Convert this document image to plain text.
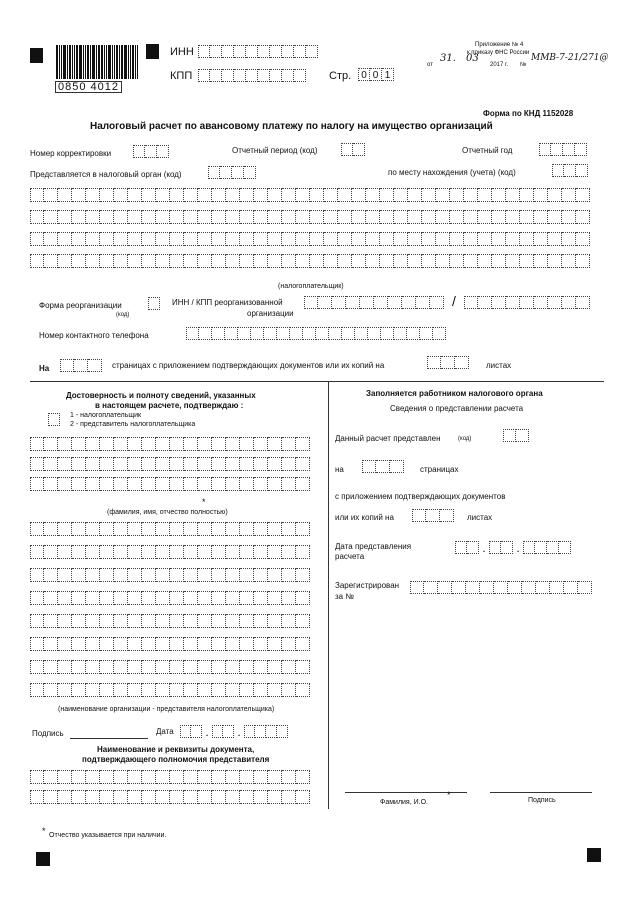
0850 4012
ИНН
КПП	Стр. 0 0 1
Приложение № 4
к приказу ФНС России
от
31. 03
2017 г. №
ММВ-7-21/271@
Форма по КНД 1152028
Налоговый расчет по авансовому платежу по налогу на имущество организаций
Номер корректировки	Отчетный период (код)	Отчетный год
Представляется в налоговый орган (код)	по месту нахождения (учета) (код)
(налогоплательщик)
Форма реорганизации
(код)
ИНН / КПП реорганизованной
организации
/
Номер контактного телефона
На	страницах с приложением подтверждающих документов или их копий на	листах
Достоверность и полноту сведений, указанных
в настоящем расчете, подтверждаю :
1 - налогоплательщик
2 - представитель налогоплательщика
*
(фамилия, имя, отчество полностью)
(наименование организации - представителя налогоплательщика)
Подпись	Дата	. .
Наименование и реквизиты документа,
подтверждающего полномочия представителя
Заполняется работником налогового органа
Сведения о представлении расчета
Данный расчет представлен	(код)
на	страницах
с приложением подтверждающих документов
или их копий на	листах
Дата представления
расчета
.	.
Зарегистрирован
за №
*
Фамилия, И.О.	Подпись
* Отчество указывается при наличии.
